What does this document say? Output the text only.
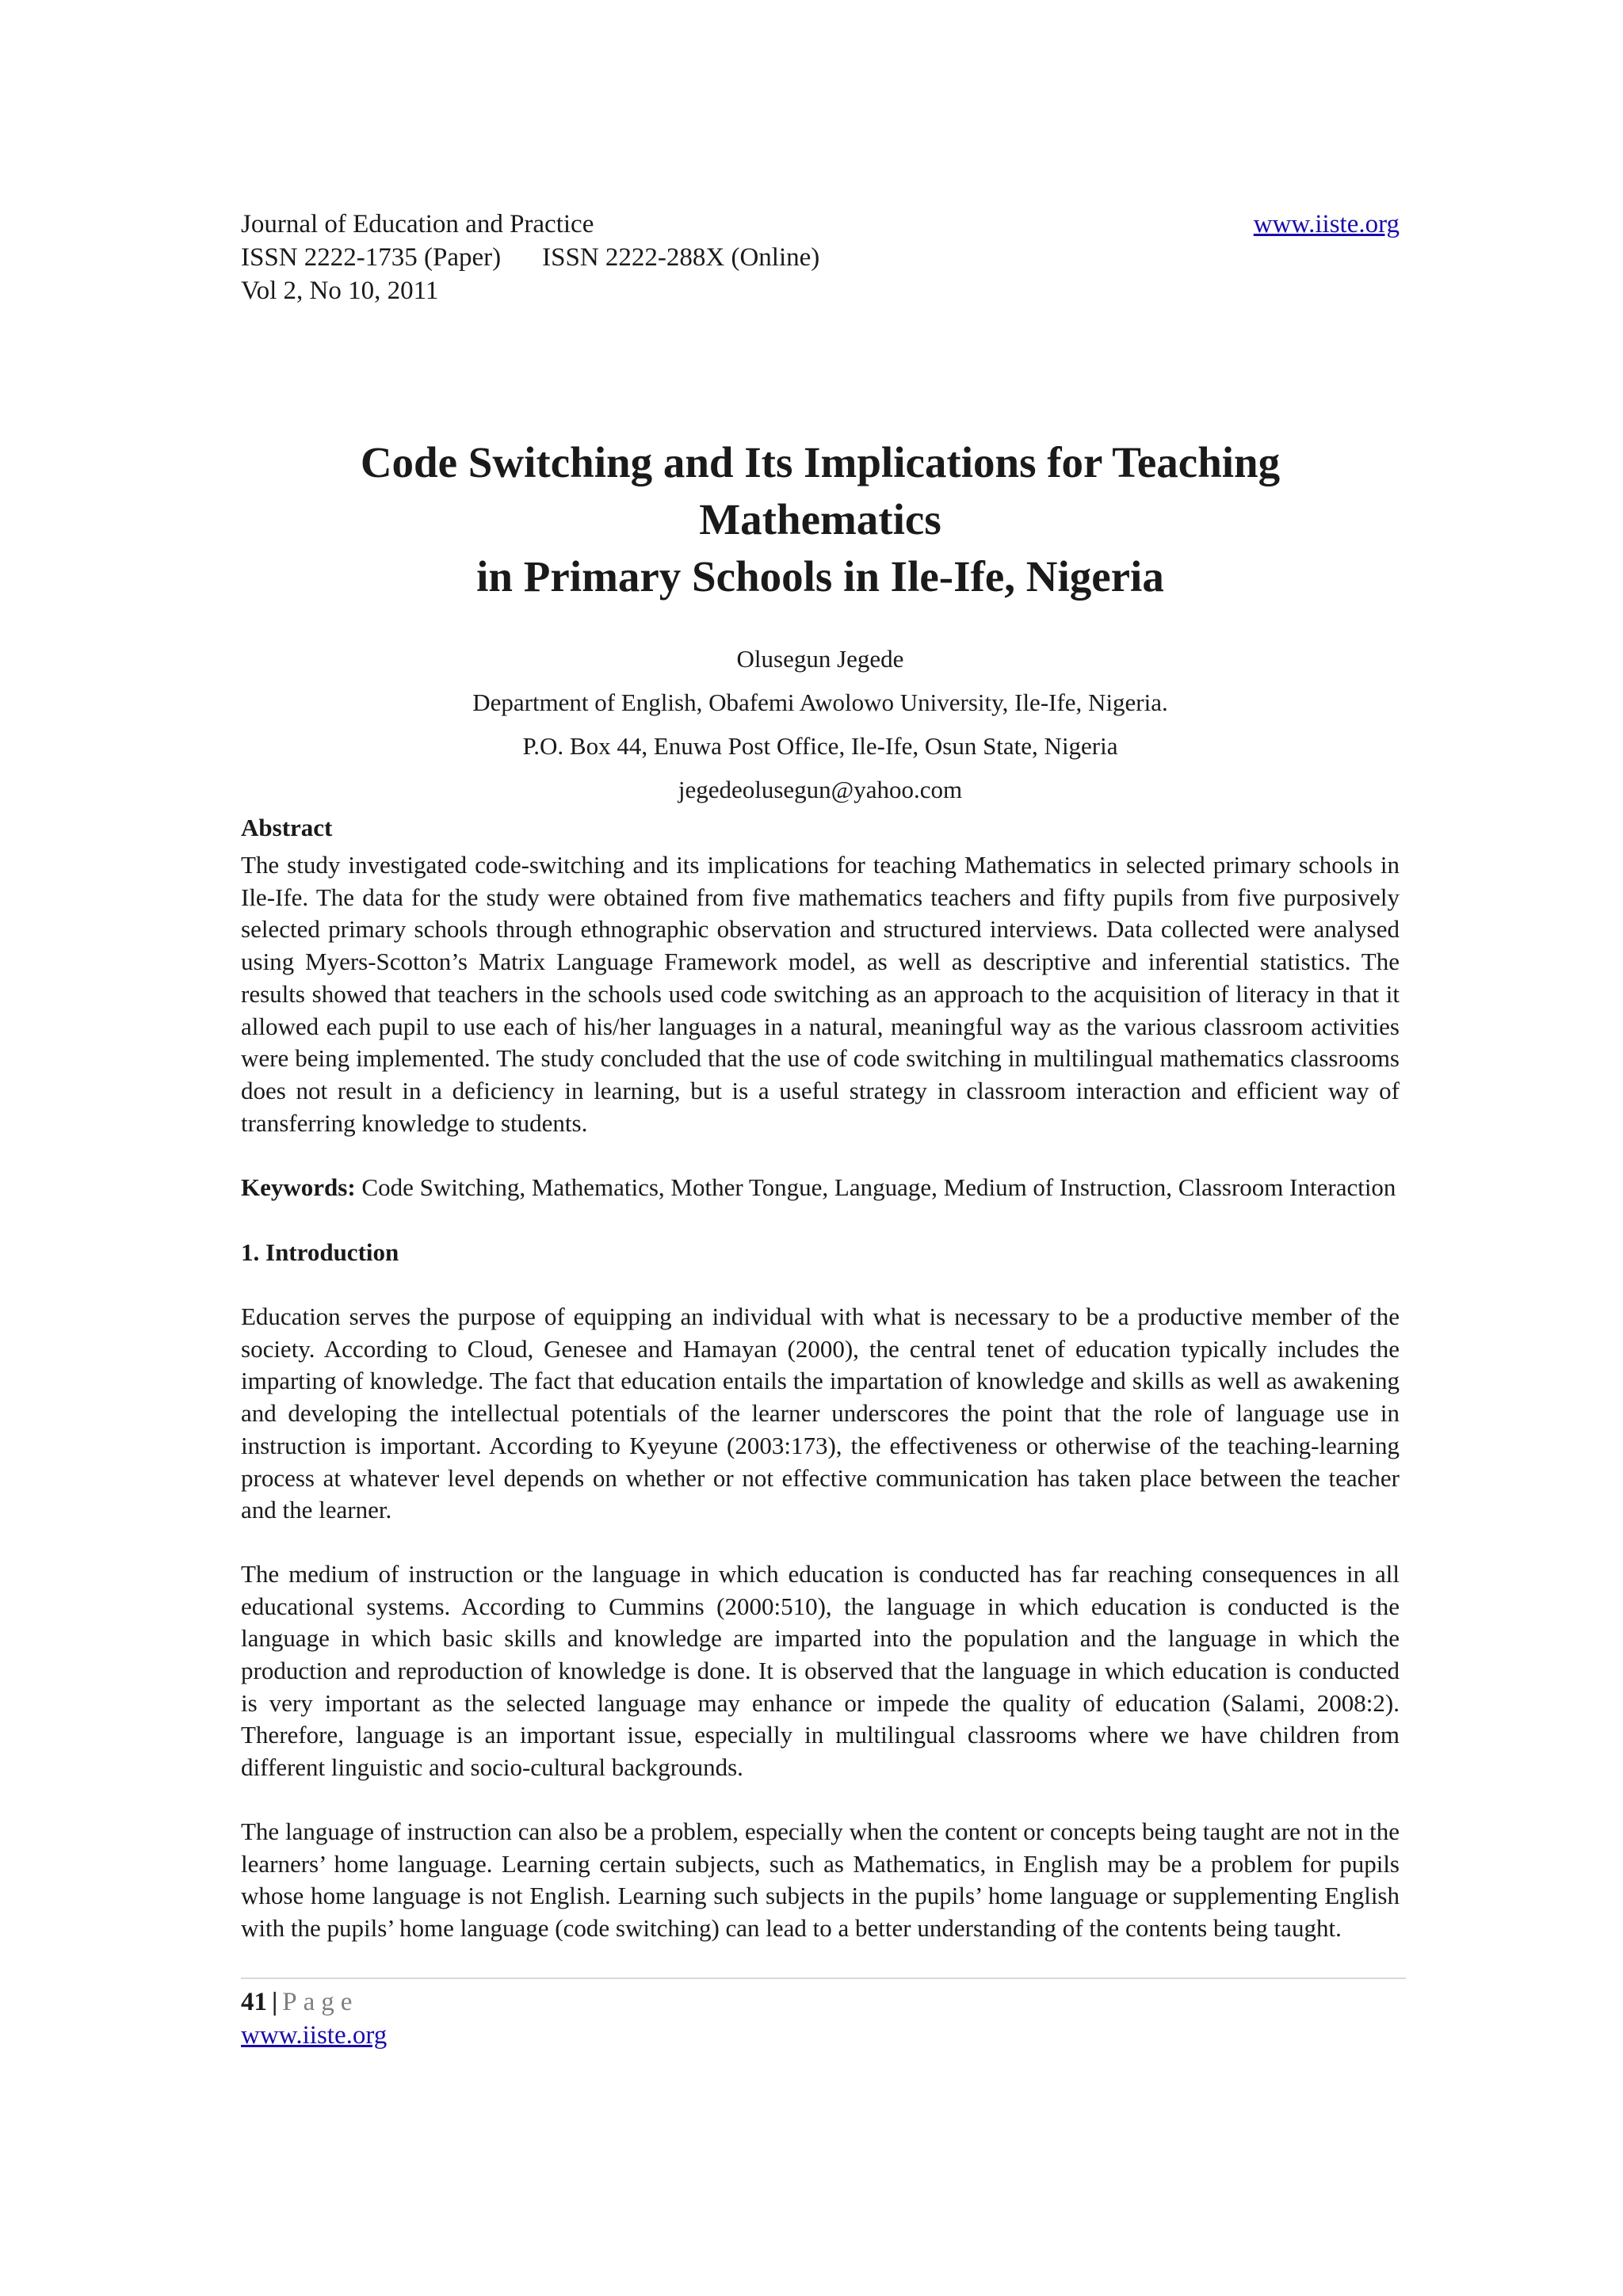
Journal of Education and Practice
ISSN 2222-1735 (Paper) ISSN 2222-288X (Online)
Vol 2, No 10, 2011
www.iiste.org
Code Switching and Its Implications for Teaching Mathematics
in Primary Schools in Ile-Ife, Nigeria
Olusegun Jegede
Department of English, Obafemi Awolowo University, Ile-Ife, Nigeria.
P.O. Box 44, Enuwa Post Office, Ile-Ife, Osun State, Nigeria
jegedeolusegun@yahoo.com
Abstract

The study investigated code-switching and its implications for teaching Mathematics in selected primary schools in Ile-Ife. The data for the study were obtained from five mathematics teachers and fifty pupils from five purposively selected primary schools through ethnographic observation and structured interviews. Data collected were analysed using Myers-Scotton’s Matrix Language Framework model, as well as descriptive and inferential statistics. The results showed that teachers in the schools used code switching as an approach to the acquisition of literacy in that it allowed each pupil to use each of his/her languages in a natural, meaningful way as the various classroom activities were being implemented. The study concluded that the use of code switching in multilingual mathematics classrooms does not result in a deficiency in learning, but is a useful strategy in classroom interaction and efficient way of transferring knowledge to students.

Keywords: Code Switching, Mathematics, Mother Tongue, Language, Medium of Instruction, Classroom Interaction

1. Introduction

Education serves the purpose of equipping an individual with what is necessary to be a productive member of the society. According to Cloud, Genesee and Hamayan (2000), the central tenet of education typically includes the imparting of knowledge. The fact that education entails the impartation of knowledge and skills as well as awakening and developing the intellectual potentials of the learner underscores the point that the role of language use in instruction is important. According to Kyeyune (2003:173), the effectiveness or otherwise of the teaching-learning process at whatever level depends on whether or not effective communication has taken place between the teacher and the learner.

The medium of instruction or the language in which education is conducted has far reaching consequences in all educational systems. According to Cummins (2000:510), the language in which education is conducted is the language in which basic skills and knowledge are imparted into the population and the language in which the production and reproduction of knowledge is done. It is observed that the language in which education is conducted is very important as the selected language may enhance or impede the quality of education (Salami, 2008:2). Therefore, language is an important issue, especially in multilingual classrooms where we have children from different linguistic and socio-cultural backgrounds.

The language of instruction can also be a problem, especially when the content or concepts being taught are not in the learners’ home language. Learning certain subjects, such as Mathematics, in English may be a problem for pupils whose home language is not English. Learning such subjects in the pupils’ home language or supplementing English with the pupils’ home language (code switching) can lead to a better understanding of the contents being taught.

41 | Page
www.iiste.org
